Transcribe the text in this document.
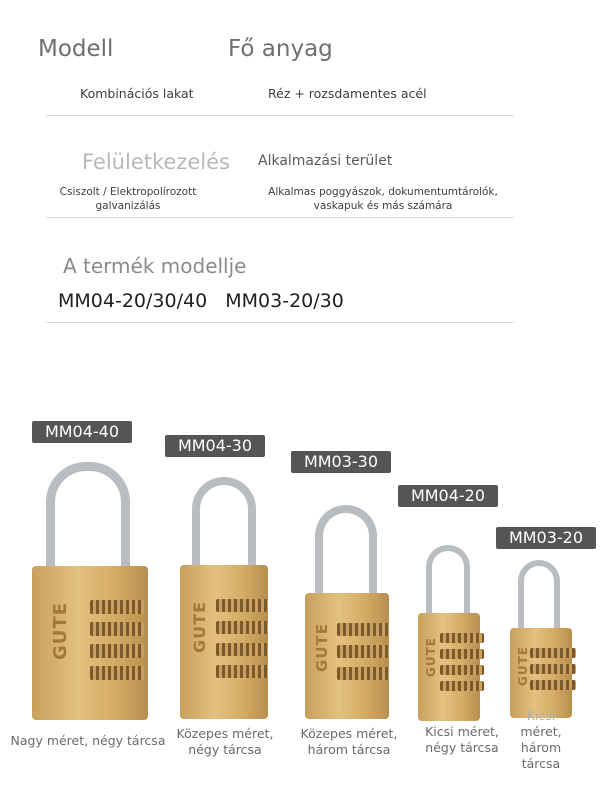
Modell	Fő anyag
Kombinációs lakat	Réz + rozsdamentes acél
Felületkezelés Alkalmazási terület
Csiszolt / Elektropolírozott
galvanizálás
Alkalmas poggyászok, dokumentumtárolók,
vaskapuk és más számára
A termék modellje
MM04-20/30/40   MM03-20/30
MM04-40
GUTE
Nagy méret, négy tárcsa
MM04-30
GUTE
Közepes méret,
négy tárcsa
MM03-30
GUTE
Közepes méret,
három tárcsa
MM04-20
GUTE
Kicsi méret,
négy tárcsa
MM03-20
GUTE
Kicsi
méret,
három tárcsa
